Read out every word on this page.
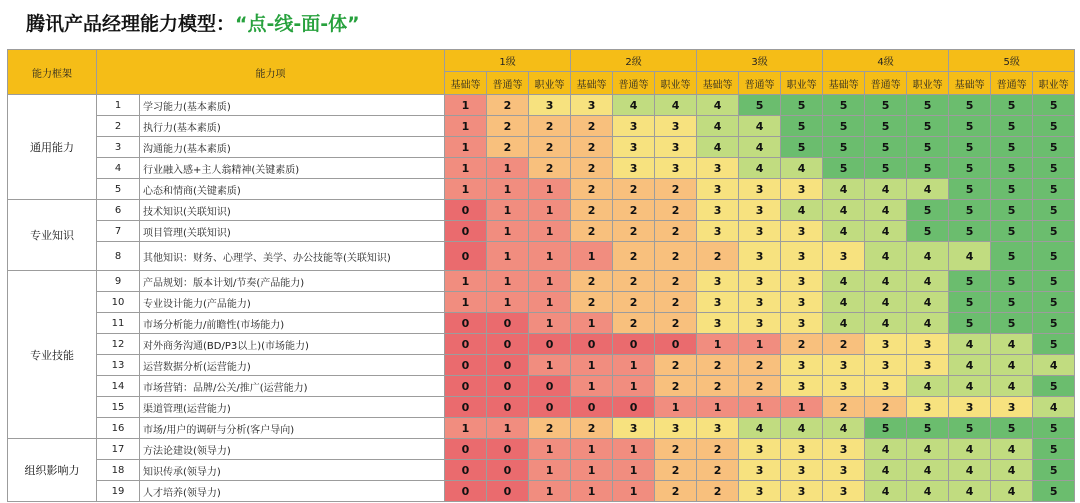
腾讯产品经理能力模型：“点-线-面-体”
能力框架	能力项		1级			2级			3级			4级			5级		
			基础等	普通等	职业等	基础等	普通等	职业等	基础等	普通等	职业等	基础等	普通等	职业等	基础等	普通等	职业等
通用能力	1	学习能力(基本素质)	1	2	3	3	4	4	4	5	5	5	5	5	5	5	5
	2	执行力(基本素质)	1	2	2	2	3	3	4	4	5	5	5	5	5	5	5
	3	沟通能力(基本素质)	1	2	2	2	3	3	4	4	5	5	5	5	5	5	5
	4	行业融入感+主人翁精神(关键素质)	1	1	2	2	3	3	3	4	4	5	5	5	5	5	5
	5	心态和情商(关键素质)	1	1	1	2	2	2	3	3	3	4	4	4	5	5	5
专业知识	6	技术知识(关联知识)	0	1	1	2	2	2	3	3	4	4	4	5	5	5	5
	7	项目管理(关联知识)	0	1	1	2	2	2	3	3	3	4	4	5	5	5	5
	8	其他知识：财务、心理学、美学、办公技能等(关联知识)	0	1	1	1	2	2	2	3	3	3	4	4	4	5	5
专业技能	9	产品规划：版本计划/节奏(产品能力)	1	1	1	2	2	2	3	3	3	4	4	4	5	5	5
	10	专业设计能力(产品能力)	1	1	1	2	2	2	3	3	3	4	4	4	5	5	5
	11	市场分析能力/前瞻性(市场能力)	0	0	1	1	2	2	3	3	3	4	4	4	5	5	5
	12	对外商务沟通(BD/P3以上)(市场能力)	0	0	0	0	0	0	1	1	2	2	3	3	4	4	5
	13	运营数据分析(运营能力)	0	0	1	1	1	2	2	2	3	3	3	3	4	4	4
	14	市场营销：品牌/公关/推广(运营能力)	0	0	0	1	1	2	2	2	3	3	3	4	4	4	5
	15	渠道管理(运营能力)	0	0	0	0	0	1	1	1	1	2	2	3	3	3	4
	16	市场/用户的调研与分析(客户导向)	1	1	2	2	3	3	3	4	4	4	5	5	5	5	5
组织影响力	17	方法论建设(领导力)	0	0	1	1	1	2	2	3	3	3	4	4	4	4	5
	18	知识传承(领导力)	0	0	1	1	1	2	2	3	3	3	4	4	4	4	5
	19	人才培养(领导力)	0	0	1	1	1	2	2	3	3	3	4	4	4	4	5
